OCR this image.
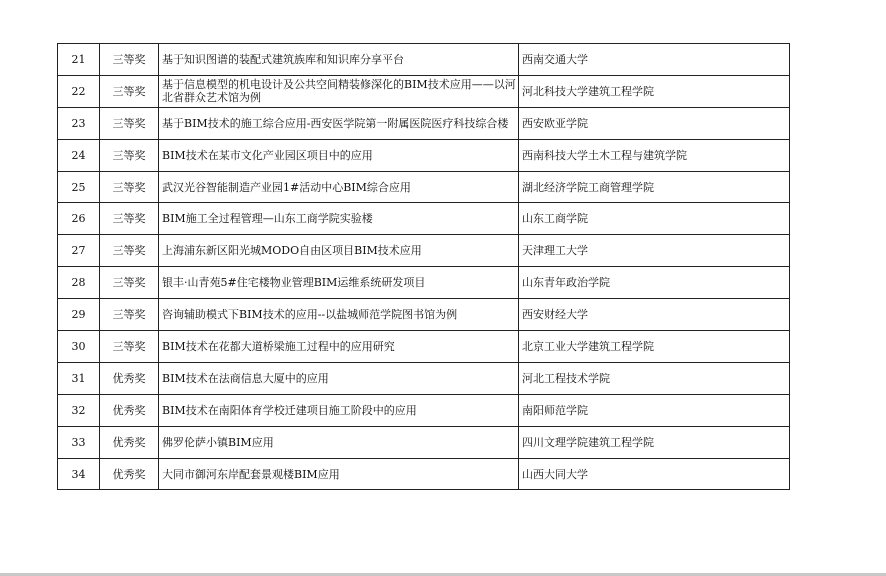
21	三等奖	基于知识图谱的装配式建筑族库和知识库分享平台	西南交通大学
22	三等奖	基于信息模型的机电设计及公共空间精装修深化的BIM技术应用——以河北省群众艺术馆为例	河北科技大学建筑工程学院
23	三等奖	基于BIM技术的施工综合应用-西安医学院第一附属医院医疗科技综合楼	西安欧亚学院
24	三等奖	BIM技术在某市文化产业园区项目中的应用	西南科技大学土木工程与建筑学院
25	三等奖	武汉光谷智能制造产业园1#活动中心BIM综合应用	湖北经济学院工商管理学院
26	三等奖	BIM施工全过程管理—山东工商学院实验楼	山东工商学院
27	三等奖	上海浦东新区阳光城MODO自由区项目BIM技术应用	天津理工大学
28	三等奖	银丰·山青苑5#住宅楼物业管理BIM运维系统研发项目	山东青年政治学院
29	三等奖	咨询辅助模式下BIM技术的应用--以盐城师范学院图书馆为例	西安财经大学
30	三等奖	BIM技术在花都大道桥梁施工过程中的应用研究	北京工业大学建筑工程学院
31	优秀奖	BIM技术在法商信息大厦中的应用	河北工程技术学院
32	优秀奖	BIM技术在南阳体育学校迁建项目施工阶段中的应用	南阳师范学院
33	优秀奖	佛罗伦萨小镇BIM应用	四川文理学院建筑工程学院
34	优秀奖	大同市御河东岸配套景观楼BIM应用	山西大同大学
